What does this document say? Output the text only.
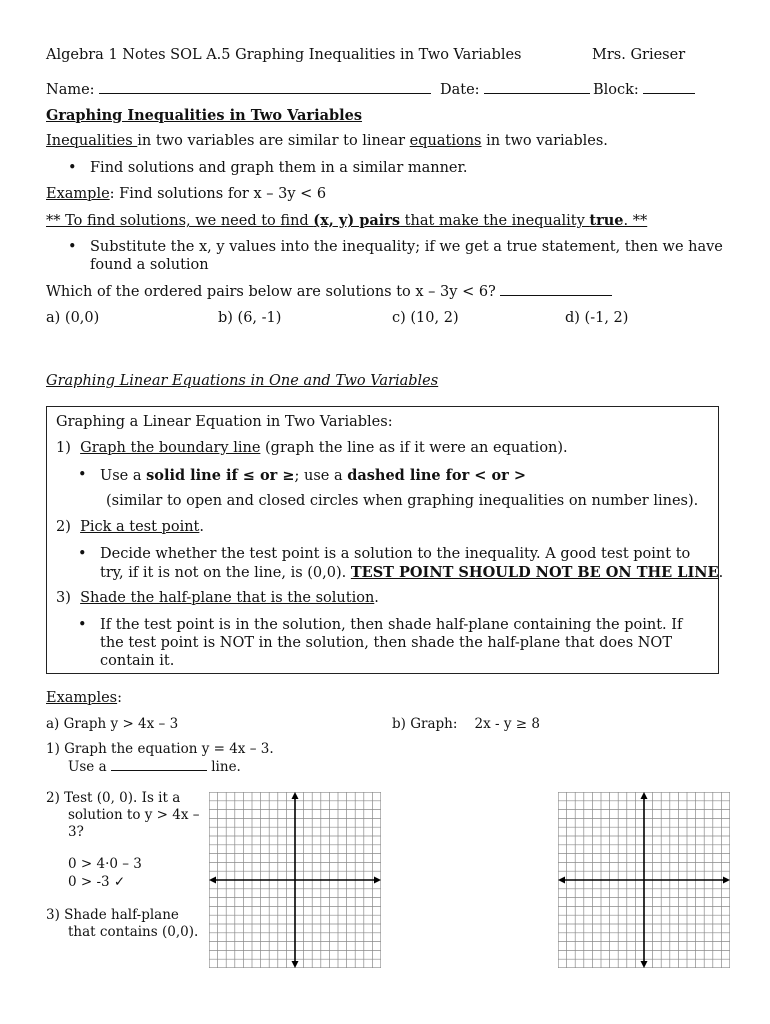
Algebra 1 Notes SOL A.5 Graphing Inequalities in Two Variables	Mrs. Grieser
Name:	Date:	Block:
Graphing Inequalities in Two Variables
Inequalities in two variables are similar to linear equations in two variables.
• Find solutions and graph them in a similar manner.
Example: Find solutions for x – 3y < 6
** To find solutions, we need to find (x, y) pairs that make the inequality true. **
• Substitute the x, y values into the inequality; if we get a true statement, then we have
found a solution
Which of the ordered pairs below are solutions to x – 3y < 6?
a) (0,0)	b) (6, -1)	c) (10, 2)	d) (-1, 2)
Graphing Linear Equations in One and Two Variables
Graphing a Linear Equation in Two Variables:
1) Graph the boundary line (graph the line as if it were an equation).
• Use a solid line if ≤ or ≥; use a dashed line for < or >
(similar to open and closed circles when graphing inequalities on number lines).
2) Pick a test point.
• Decide whether the test point is a solution to the inequality. A good test point to
try, if it is not on the line, is (0,0). TEST POINT SHOULD NOT BE ON THE LINE.
3) Shade the half-plane that is the solution.
• If the test point is in the solution, then shade half-plane containing the point. If
the test point is NOT in the solution, then shade the half-plane that does NOT
contain it.
Examples:
a) Graph y > 4x – 3	b) Graph: 2x - y ≥ 8
1) Graph the equation y = 4x – 3.
Use a	line.
2) Test (0, 0). Is it a
solution to y > 4x –
3?
0 > 4·0 – 3
0 > -3 ✓
3) Shade half-plane
that contains (0,0).
